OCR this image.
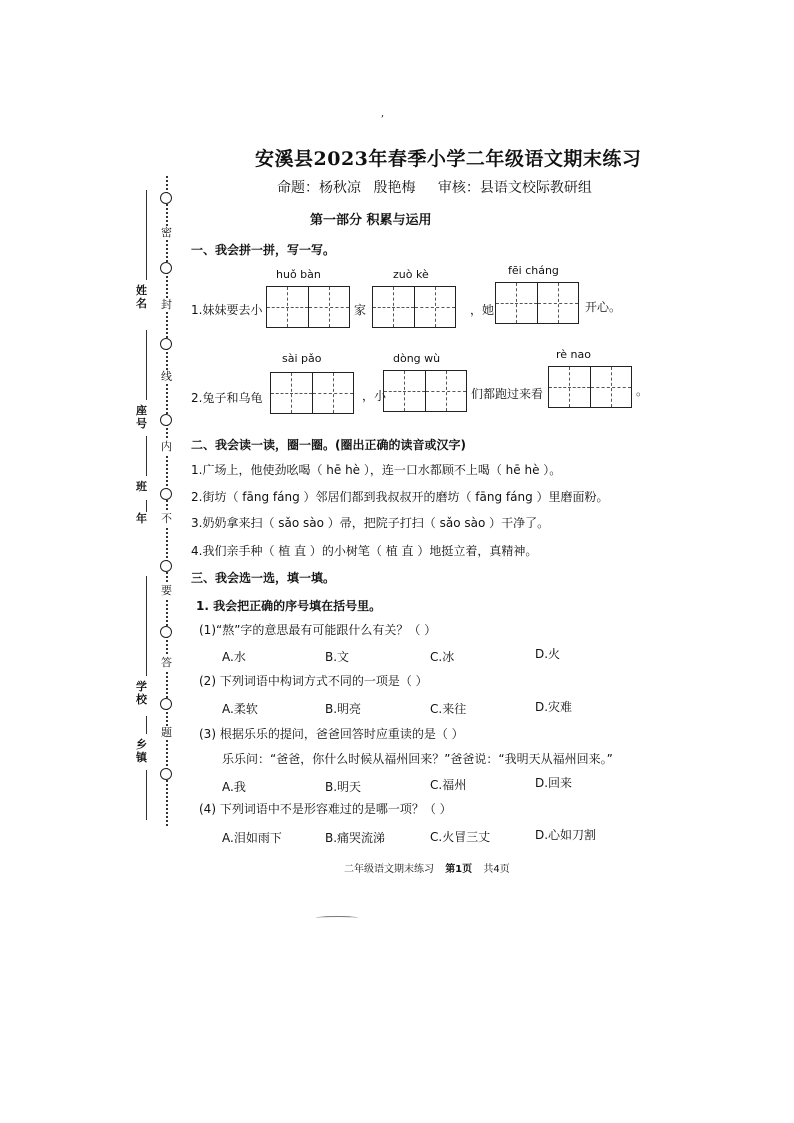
,
密
封
线
内
不
要
答
题
姓名
座号
班
年
学校
乡镇
安溪县2023年春季小学二年级语文期末练习
命题：杨秋凉 殷艳梅 审核：县语文校际教研组
第一部分 积累与运用
一、我会拼一拼，写一写。
huǒ bàn	zuò kè	fēi cháng
1.妹妹要去小	家	，她	开心。
sài pǎo	dòng wù	rè nao
2.兔子和乌龟	，小	们都跑过来看	。
二、我会读一读，圈一圈。(圈出正确的读音或汉字)
1.广场上，他使劲吆喝（ hē hè ），连一口水都顾不上喝（ hē hè ）。
2.街坊（ fāng fáng ）邻居们都到我叔叔开的磨坊（ fāng fáng ）里磨面粉。
3.奶奶拿来扫（ sǎo sào ）帚，把院子打扫（ sǎo sào ）干净了。
4.我们亲手种（ 植 直 ）的小树笔（ 植 直 ）地挺立着，真精神。
三、我会选一选，填一填。
1. 我会把正确的序号填在括号里。
(1)“熬”字的意思最有可能跟什么有关？（ ）
A.水	B.文	C.冰	D.火
(2) 下列词语中构词方式不同的一项是（ ）
A.柔软	B.明亮	C.来往	D.灾难
(3) 根据乐乐的提问，爸爸回答时应重读的是（ ）
乐乐问：“爸爸，你什么时候从福州回来？”爸爸说：“我明天从福州回来。”
A.我	B.明天	C.福州	D.回来
(4) 下列词语中不是形容难过的是哪一项？（ ）
A.泪如雨下	B.痛哭流涕	C.火冒三丈	D.心如刀割
二年级语文期末练习 第1页 共4页
